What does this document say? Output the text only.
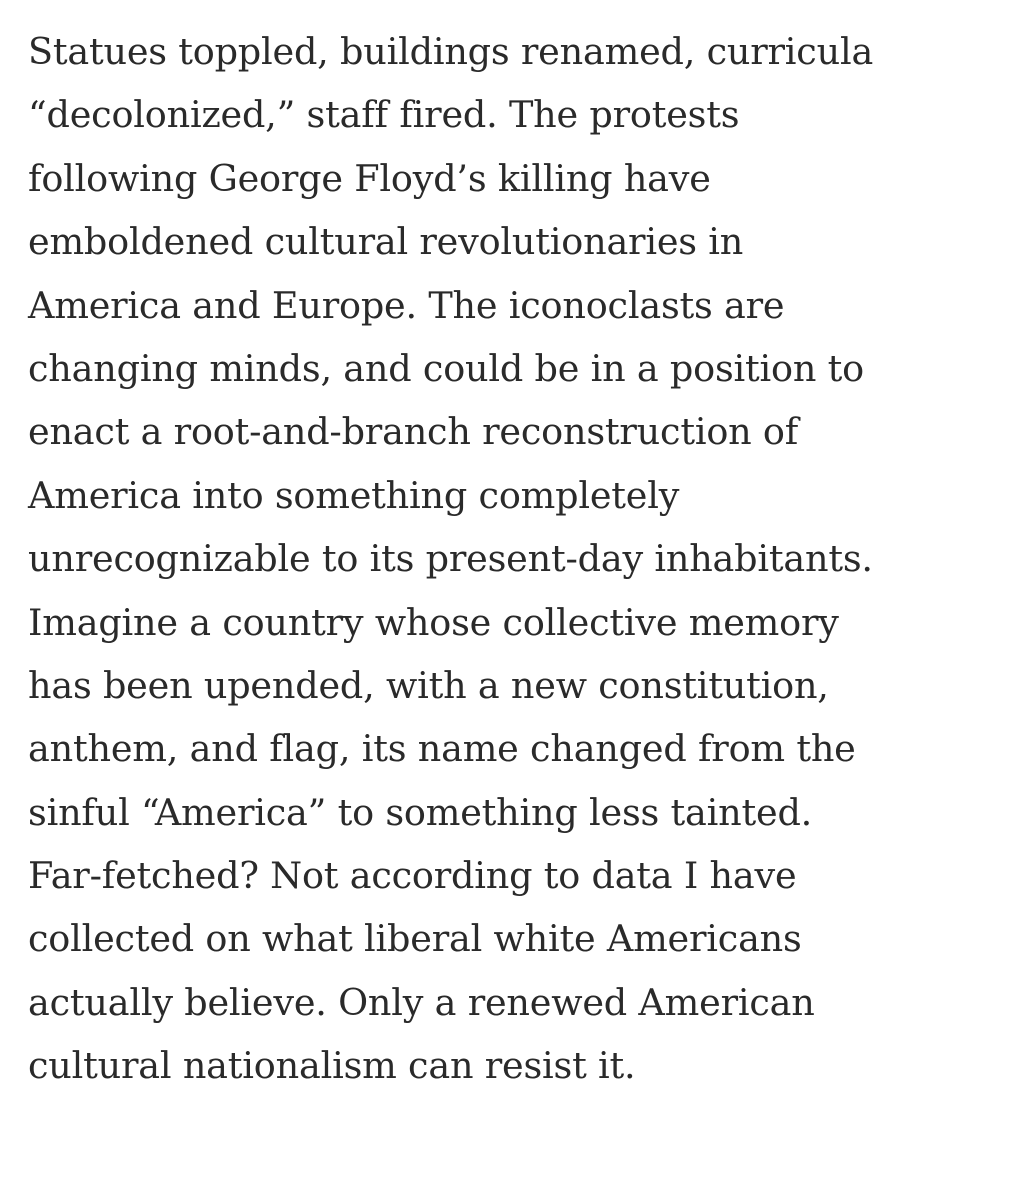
Statues toppled, buildings renamed, curricula
“decolonized,” staff fired. The protests
following George Floyd’s killing have
emboldened cultural revolutionaries in
America and Europe. The iconoclasts are
changing minds, and could be in a position to
enact a root-and-branch reconstruction of
America into something completely
unrecognizable to its present-day inhabitants.
Imagine a country whose collective memory
has been upended, with a new constitution,
anthem, and flag, its name changed from the
sinful “America” to something less tainted.
Far-fetched? Not according to data I have
collected on what liberal white Americans
actually believe. Only a renewed American
cultural nationalism can resist it.
